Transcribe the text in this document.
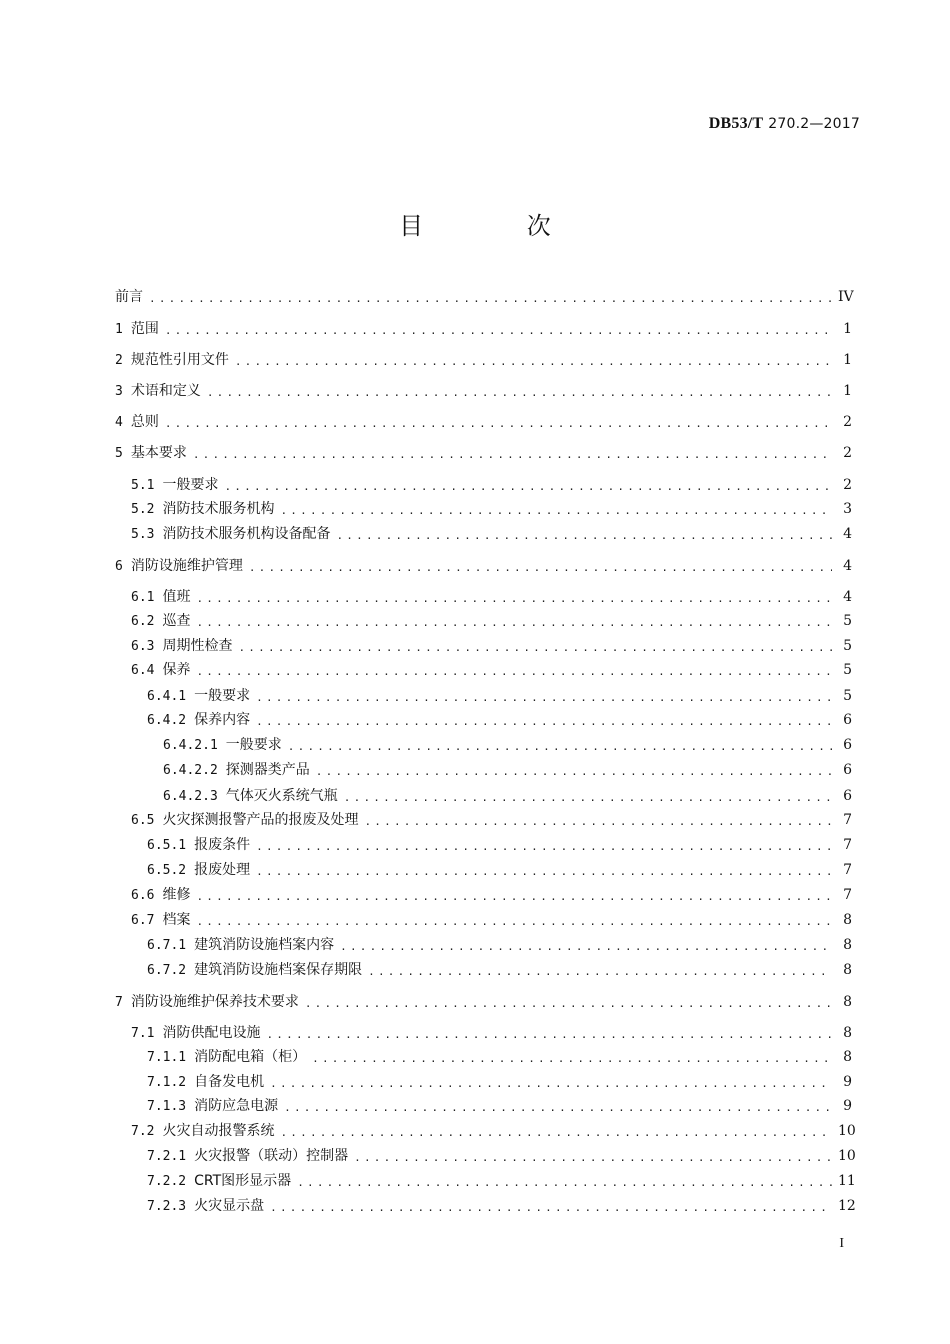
DB53/T 270.2—2017
目 次
前言 .....	IV
1 范围 .....	1
2 规范性引用文件 .....	1
3 术语和定义 .....	1
4 总则 .....	2
5 基本要求 .....	2
5.1 一般要求 .....	2
5.2 消防技术服务机构 .....	3
5.3 消防技术服务机构设备配备 .....	4
6 消防设施维护管理 .....	4
6.1 值班 .....	4
6.2 巡查 .....	5
6.3 周期性检查 .....	5
6.4 保养 .....	5
6.4.1 一般要求 .....	5
6.4.2 保养内容 .....	6
6.4.2.1 一般要求 .....	6
6.4.2.2 探测器类产品 .....	6
6.4.2.3 气体灭火系统气瓶 .....	6
6.5 火灾探测报警产品的报废及处理 .....	7
6.5.1 报废条件 .....	7
6.5.2 报废处理 .....	7
6.6 维修 .....	7
6.7 档案 .....	8
6.7.1 建筑消防设施档案内容 .....	8
6.7.2 建筑消防设施档案保存期限 .....	8
7 消防设施维护保养技术要求 .....	8
7.1 消防供配电设施 .....	8
7.1.1 消防配电箱（柜） .....	8
7.1.2 自备发电机 .....	9
7.1.3 消防应急电源 .....	9
7.2 火灾自动报警系统 .....	10
7.2.1 火灾报警（联动）控制器 .....	10
7.2.2 CRT图形显示器 .....	11
7.2.3 火灾显示盘 .....	12
I
